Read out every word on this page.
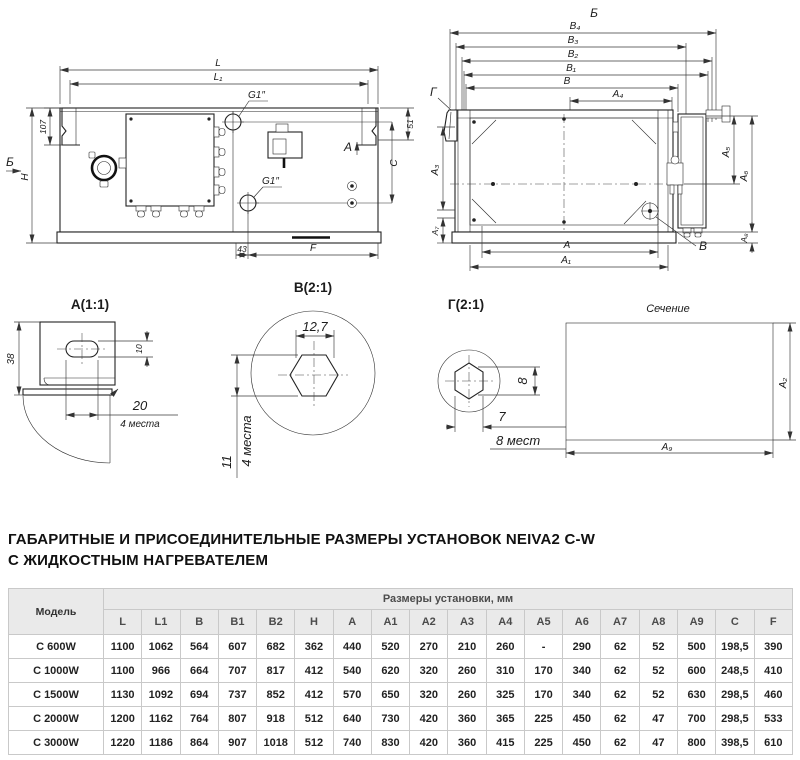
L
L₁
107
H
Б
G1″
G1″
A
51
C
43	F
Б
B₄
B₃
B₂
B₁
B
A₄
B
Г
A₅
A₆
A₈
A₃
A₇
A
A₁
A(1:1)
38
10
20
4 места
B(2:1)
12,7
11 4 места
Г(2:1)
8
7
8 мест
Сечение
A₂
A₉
ГАБАРИТНЫЕ И ПРИСОЕДИНИТЕЛЬНЫЕ РАЗМЕРЫ УСТАНОВОК NEIVA2 C-W
С ЖИДКОСТНЫМ НАГРЕВАТЕЛЕМ
Модель	Размеры установки, мм																	
	L	L1	B	B1	B2	H	A	A1	A2	A3	A4	A5	A6	A7	A8	A9	C	F
С 600W	1100	1062	564	607	682	362	440	520	270	210	260	-	290	62	52	500	198,5	390
С 1000W	1100	966	664	707	817	412	540	620	320	260	310	170	340	62	52	600	248,5	410
С 1500W	1130	1092	694	737	852	412	570	650	320	260	325	170	340	62	52	630	298,5	460
С 2000W	1200	1162	764	807	918	512	640	730	420	360	365	225	450	62	47	700	298,5	533
С 3000W	1220	1186	864	907	1018	512	740	830	420	360	415	225	450	62	47	800	398,5	610
